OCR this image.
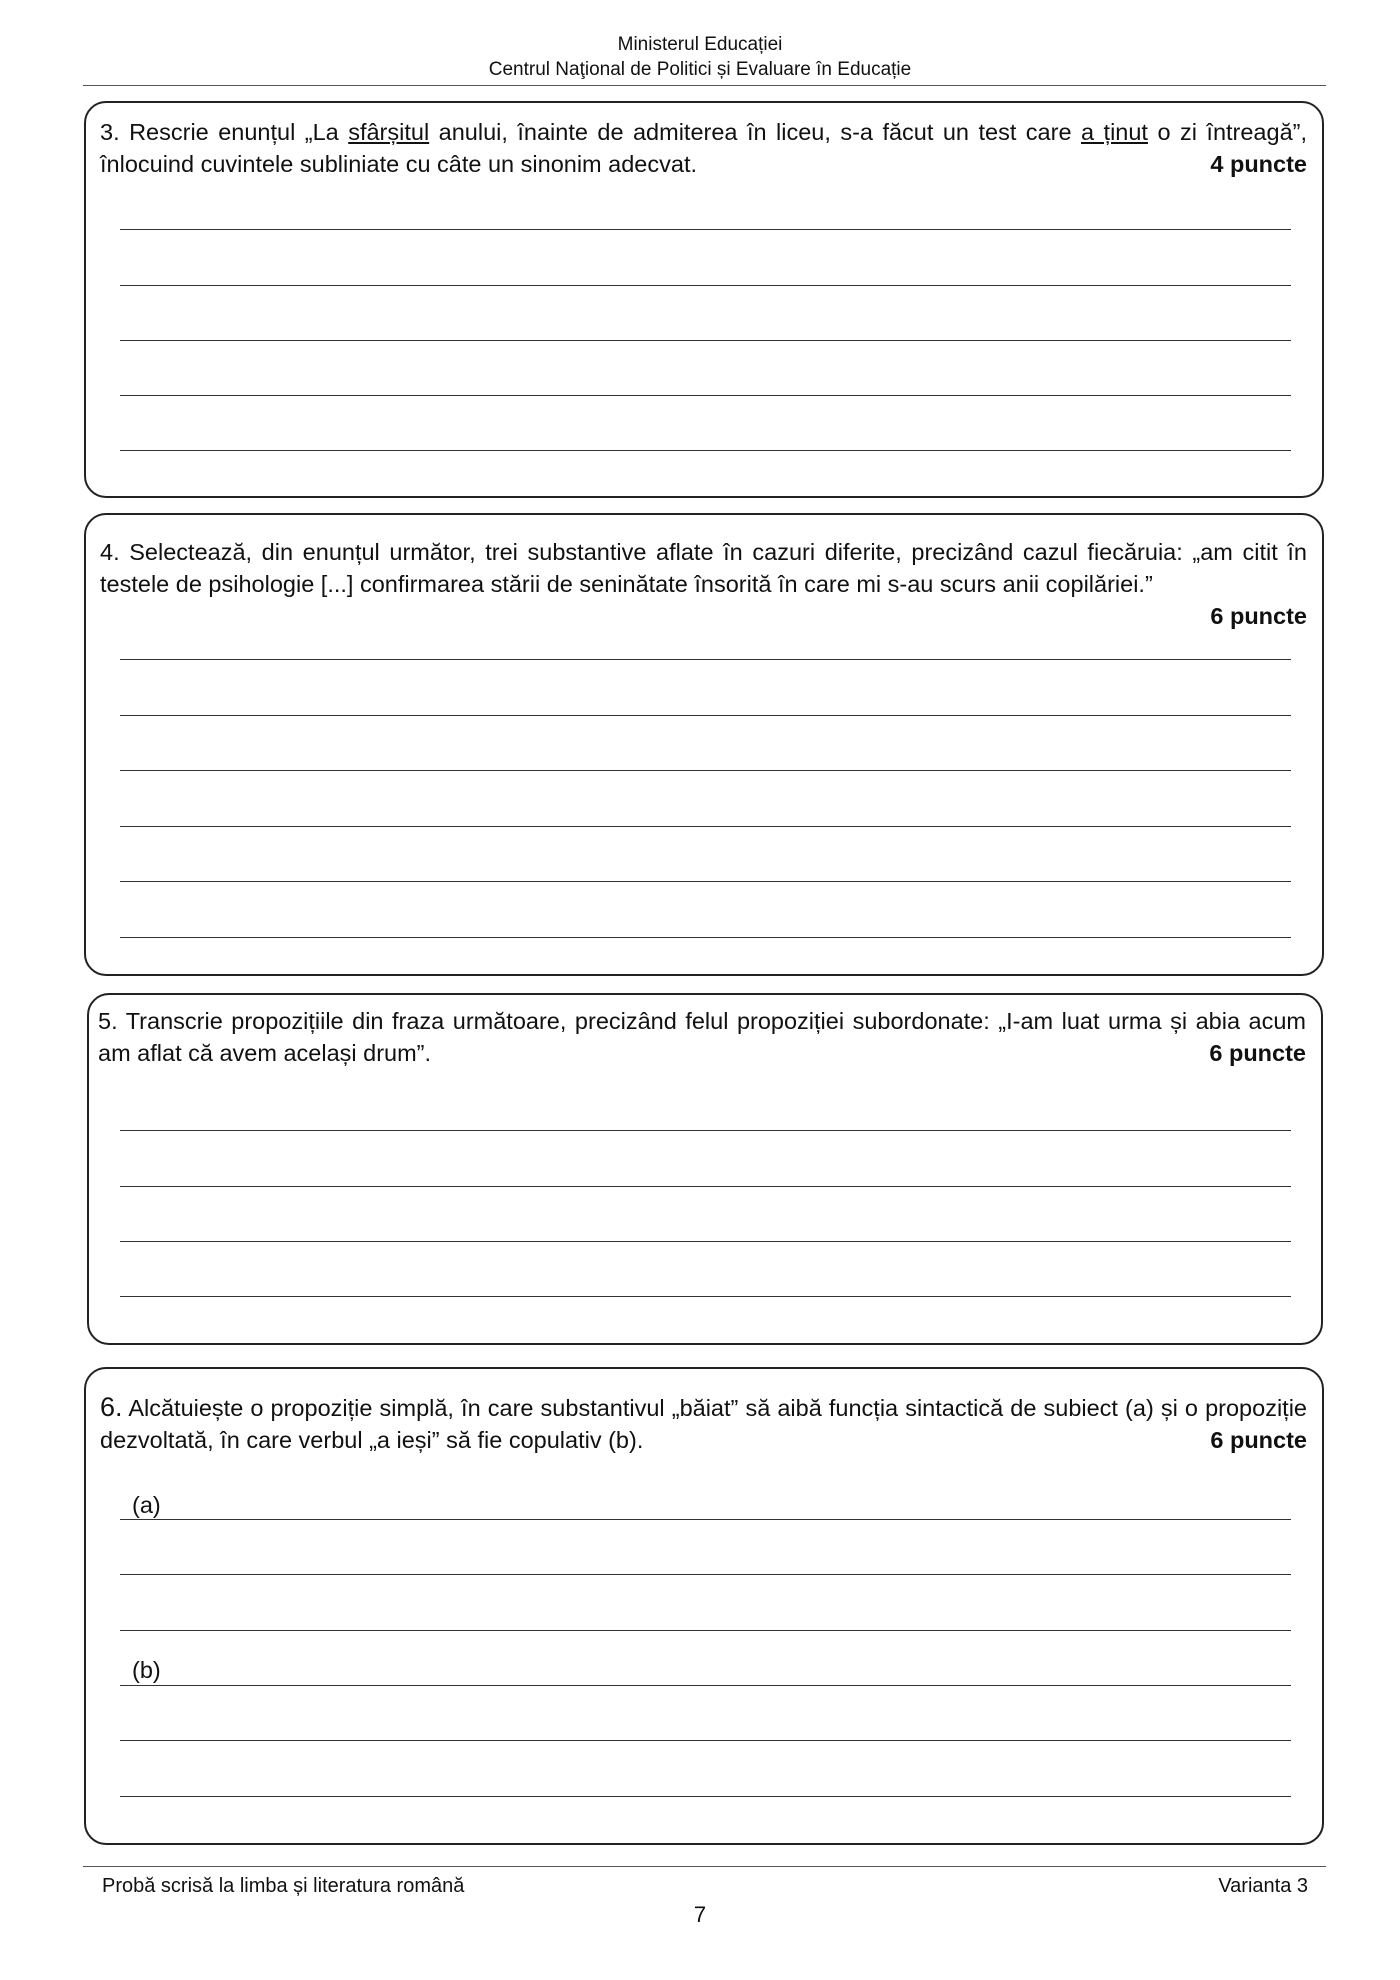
Ministerul Educației
Centrul Naţional de Politici și Evaluare în Educație
3. Rescrie enunțul „La sfârșitul anului, înainte de admiterea în liceu, s-a făcut un test care a ținut o zi întreagă”, înlocuind cuvintele subliniate cu câte un sinonim adecvat.	4 puncte
4. Selectează, din enunțul următor, trei substantive aflate în cazuri diferite, precizând cazul fiecăruia: „am citit în testele de psihologie [...] confirmarea stării de seninătate însorită în care mi s-au scurs anii copilăriei.”
6 puncte
5. Transcrie propozițiile din fraza următoare, precizând felul propoziției subordonate: „I-am luat urma și abia acum am aflat că avem același drum”.	6 puncte
6. Alcătuiește o propoziție simplă, în care substantivul „băiat” să aibă funcția sintactică de subiect (a) și o propoziție dezvoltată, în care verbul „a ieși” să fie copulativ (b).	6 puncte
(a)
(b)
Probă scrisă la limba și literatura română	Varianta 3
7
